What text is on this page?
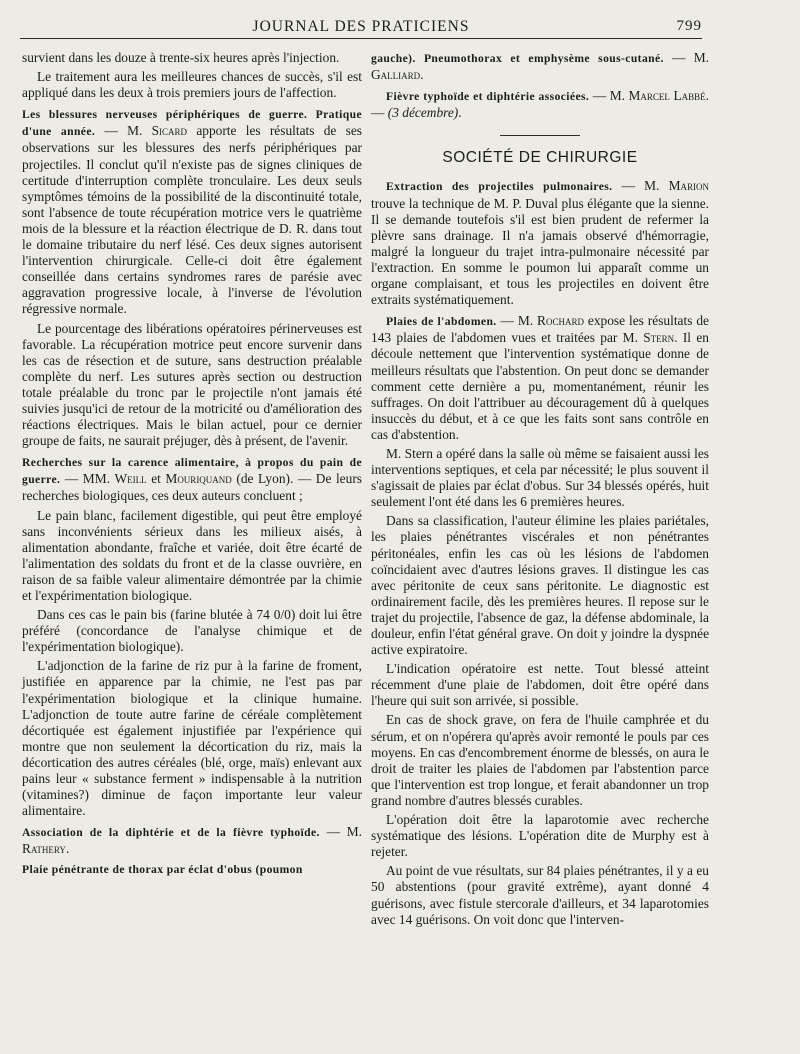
JOURNAL DES PRATICIENS	799

survient dans les douze à trente-six heures après l'injection.

Le traitement aura les meilleures chances de succès, s'il est appliqué dans les deux à trois premiers jours de l'affection.

Les blessures nerveuses périphériques de guerre. Pratique d'une année. — M. Sicard apporte les résultats de ses observations sur les blessures des nerfs périphériques par projectiles. Il conclut qu'il n'existe pas de signes cliniques de certitude d'interruption complète tronculaire. Les deux seuls symptômes témoins de la possibilité de la discontinuité totale, sont l'absence de toute récupération motrice vers le quatrième mois de la blessure et la réaction électrique de D. R. dans tout le domaine tributaire du nerf lésé. Ces deux signes autorisent l'intervention chirurgicale. Celle-ci doit être également conseillée dans certains syndromes rares de parésie avec aggravation progressive locale, à l'inverse de l'évolution régressive normale.

Le pourcentage des libérations opératoires périnerveuses est favorable. La récupération motrice peut encore survenir dans les cas de résection et de suture, sans destruction préalable complète du nerf. Les sutures après section ou destruction totale préalable du tronc par le projectile n'ont jamais été suivies jusqu'ici de retour de la motricité ou d'amélioration des réactions électriques. Mais le bilan actuel, pour ce dernier groupe de faits, ne saurait préjuger, dès à présent, de l'avenir.

Recherches sur la carence alimentaire, à propos du pain de guerre. — MM. Weill et Mouriquand (de Lyon). — De leurs recherches biologiques, ces deux auteurs concluent ;

Le pain blanc, facilement digestible, qui peut être employé sans inconvénients sérieux dans les milieux aisés, à alimentation abondante, fraîche et variée, doit être écarté de l'alimentation des soldats du front et de la classe ouvrière, en raison de sa faible valeur alimentaire démontrée par la chimie et l'expérimentation biologique.

Dans ces cas le pain bis (farine blutée à 74 0/0) doit lui être préféré (concordance de l'analyse chimique et de l'expérimentation biologique).

L'adjonction de la farine de riz pur à la farine de froment, justifiée en apparence par la chimie, ne l'est pas par l'expérimentation biologique et la clinique humaine. L'adjonction de toute autre farine de céréale complètement décortiquée est également injustifiée par l'expérience qui montre que non seulement la décortication du riz, mais la décortication des autres céréales (blé, orge, maïs) enlevant aux pains leur « substance ferment » indispensable à la nutrition (vitamines?) diminue de façon importante leur valeur alimentaire.

Association de la diphtérie et de la fièvre typhoïde. — M. Rathery.

Plaie pénétrante de thorax par éclat d'obus (poumon

gauche). Pneumothorax et emphysème sous-cutané. — M. Galliard.

Fièvre typhoïde et diphtérie associées. — M. Marcel Labbé. — (3 décembre).

SOCIÉTÉ DE CHIRURGIE

Extraction des projectiles pulmonaires. — M. Marion trouve la technique de M. P. Duval plus élégante que la sienne. Il se demande toutefois s'il est bien prudent de refermer la plèvre sans drainage. Il n'a jamais observé d'hémorragie, malgré la longueur du trajet intra-pulmonaire nécessité par l'extraction. En somme le poumon lui apparaît comme un organe complaisant, et tous les projectiles en doivent être extraits systématiquement.

Plaies de l'abdomen. — M. Rochard expose les résultats de 143 plaies de l'abdomen vues et traitées par M. Stern. Il en découle nettement que l'intervention systématique donne de meilleurs résultats que l'abstention. On peut donc se demander comment cette dernière a pu, momentanément, réunir les suffrages. On doit l'attribuer au découragement dû à quelques insuccès du début, et à ce que les faits sont sans contrôle en cas d'abstention.

M. Stern a opéré dans la salle où même se faisaient aussi les interventions septiques, et cela par nécessité; le plus souvent il s'agissait de plaies par éclat d'obus. Sur 34 blessés opérés, huit seulement l'ont été dans les 6 premières heures.

Dans sa classification, l'auteur élimine les plaies pariétales, les plaies pénétrantes viscérales et non pénétrantes péritonéales, enfin les cas où les lésions de l'abdomen coïncidaient avec d'autres lésions graves. Il distingue les cas avec péritonite de ceux sans péritonite. Le diagnostic est ordinairement facile, dès les premières heures. Il repose sur le trajet du projectile, l'absence de gaz, la défense abdominale, la douleur, enfin l'état général grave. On doit y joindre la dyspnée active expiratoire.

L'indication opératoire est nette. Tout blessé atteint récemment d'une plaie de l'abdomen, doit être opéré dans l'heure qui suit son arrivée, si possible.

En cas de shock grave, on fera de l'huile camphrée et du sérum, et on n'opérera qu'après avoir remonté le pouls par ces moyens. En cas d'encombrement énorme de blessés, on aura le droit de traiter les plaies de l'abdomen par l'abstention parce que l'intervention est trop longue, et ferait abandonner un trop grand nombre d'autres blessés curables.

L'opération doit être la laparotomie avec recherche systématique des lésions. L'opération dite de Murphy est à rejeter.

Au point de vue résultats, sur 84 plaies pénétrantes, il y a eu 50 abstentions (pour gravité extrême), ayant donné 4 guérisons, avec fistule stercorale d'ailleurs, et 34 laparotomies avec 14 guérisons. On voit donc que l'interven-
